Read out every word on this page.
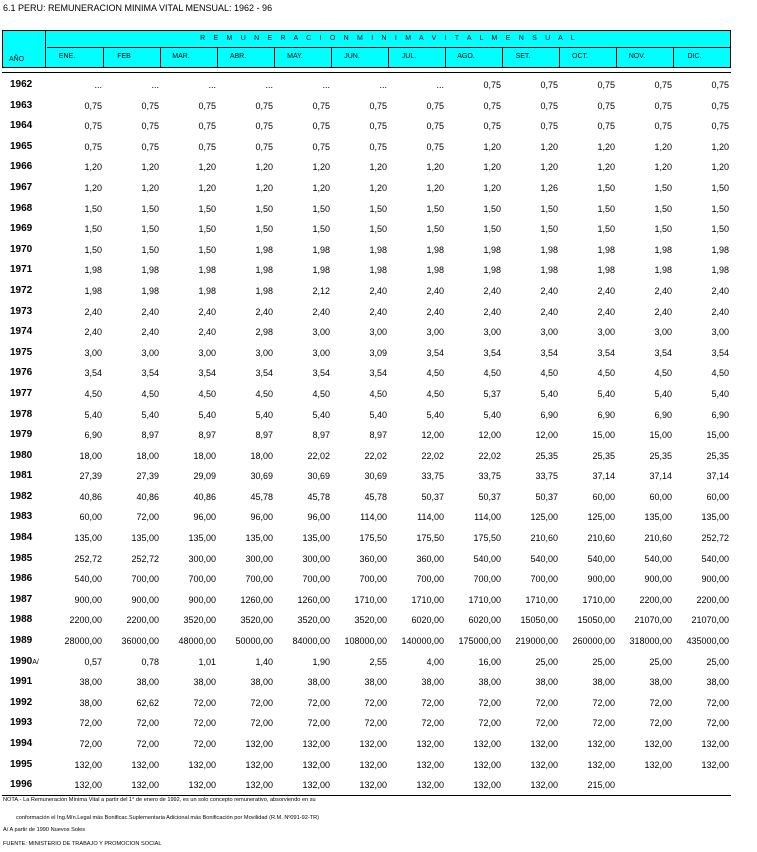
6.1 PERU: REMUNERACION MINIMA VITAL MENSUAL: 1962 - 96
AÑO
R E M U N E R A C I O N M I N I M A V I T A L M E N S U A L
ENE.	FEB	MAR.	ABR.	MAY.	JUN.	JUL.	AGO.	SET.	OCT.	NOV.	DIC.
1962	...	...	...	...	...	...	...	0,75	0,75	0,75	0,75	0,75
1963	0,75	0,75	0,75	0,75	0,75	0,75	0,75	0,75	0,75	0,75	0,75	0,75
1964	0,75	0,75	0,75	0,75	0,75	0,75	0,75	0,75	0,75	0,75	0,75	0,75
1965	0,75	0,75	0,75	0,75	0,75	0,75	0,75	1,20	1,20	1,20	1,20	1,20
1966	1,20	1,20	1,20	1,20	1,20	1,20	1,20	1,20	1,20	1,20	1,20	1,20
1967	1,20	1,20	1,20	1,20	1,20	1,20	1,20	1,20	1,26	1,50	1,50	1,50
1968	1,50	1,50	1,50	1,50	1,50	1,50	1,50	1,50	1,50	1,50	1,50	1,50
1969	1,50	1,50	1,50	1,50	1,50	1,50	1,50	1,50	1,50	1,50	1,50	1,50
1970	1,50	1,50	1,50	1,98	1,98	1,98	1,98	1,98	1,98	1,98	1,98	1,98
1971	1,98	1,98	1,98	1,98	1,98	1,98	1,98	1,98	1,98	1,98	1,98	1,98
1972	1,98	1,98	1,98	1,98	2,12	2,40	2,40	2,40	2,40	2,40	2,40	2,40
1973	2,40	2,40	2,40	2,40	2,40	2,40	2,40	2,40	2,40	2,40	2,40	2,40
1974	2,40	2,40	2,40	2,98	3,00	3,00	3,00	3,00	3,00	3,00	3,00	3,00
1975	3,00	3,00	3,00	3,00	3,00	3,09	3,54	3,54	3,54	3,54	3,54	3,54
1976	3,54	3,54	3,54	3,54	3,54	3,54	4,50	4,50	4,50	4,50	4,50	4,50
1977	4,50	4,50	4,50	4,50	4,50	4,50	4,50	5,37	5,40	5,40	5,40	5,40
1978	5,40	5,40	5,40	5,40	5,40	5,40	5,40	5,40	6,90	6,90	6,90	6,90
1979	6,90	8,97	8,97	8,97	8,97	8,97	12,00	12,00	12,00	15,00	15,00	15,00
1980	18,00	18,00	18,00	18,00	22,02	22,02	22,02	22,02	25,35	25,35	25,35	25,35
1981	27,39	27,39	29,09	30,69	30,69	30,69	33,75	33,75	33,75	37,14	37,14	37,14
1982	40,86	40,86	40,86	45,78	45,78	45,78	50,37	50,37	50,37	60,00	60,00	60,00
1983	60,00	72,00	96,00	96,00	96,00	114,00	114,00	114,00	125,00	125,00	135,00	135,00
1984	135,00	135,00	135,00	135,00	135,00	175,50	175,50	175,50	210,60	210,60	210,60	252,72
1985	252,72	252,72	300,00	300,00	300,00	360,00	360,00	540,00	540,00	540,00	540,00	540,00
1986	540,00	700,00	700,00	700,00	700,00	700,00	700,00	700,00	700,00	900,00	900,00	900,00
1987	900,00	900,00	900,00	1260,00	1260,00	1710,00	1710,00	1710,00	1710,00	1710,00	2200,00	2200,00
1988	2200,00	2200,00	3520,00	3520,00	3520,00	3520,00	6020,00	6020,00	15050,00	15050,00	21070,00	21070,00
1989	28000,00	36000,00	48000,00	50000,00	84000,00	108000,00	140000,00	175000,00	219000,00	260000,00	318000,00	435000,00
1990A/	0,57	0,78	1,01	1,40	1,90	2,55	4,00	16,00	25,00	25,00	25,00	25,00
1991	38,00	38,00	38,00	38,00	38,00	38,00	38,00	38,00	38,00	38,00	38,00	38,00
1992	38,00	62,62	72,00	72,00	72,00	72,00	72,00	72,00	72,00	72,00	72,00	72,00
1993	72,00	72,00	72,00	72,00	72,00	72,00	72,00	72,00	72,00	72,00	72,00	72,00
1994	72,00	72,00	72,00	132,00	132,00	132,00	132,00	132,00	132,00	132,00	132,00	132,00
1995	132,00	132,00	132,00	132,00	132,00	132,00	132,00	132,00	132,00	132,00	132,00	132,00
1996	132,00	132,00	132,00	132,00	132,00	132,00	132,00	132,00	132,00	215,00
NOTA.- La Remuneración Mínima Vital a partir del 1° de enero de 1992, es un solo concepto remunerativo, absorviendo en su
conformación el Ing.Mín.Legal más Bonificac.Suplementaria Adicional más Bonificación por Movilidad (R.M. Nº091-92-TR)
A/ A partir de 1990 Nuevos Soles
FUENTE: MINISTERIO DE TRABAJO Y PROMOCION SOCIAL
